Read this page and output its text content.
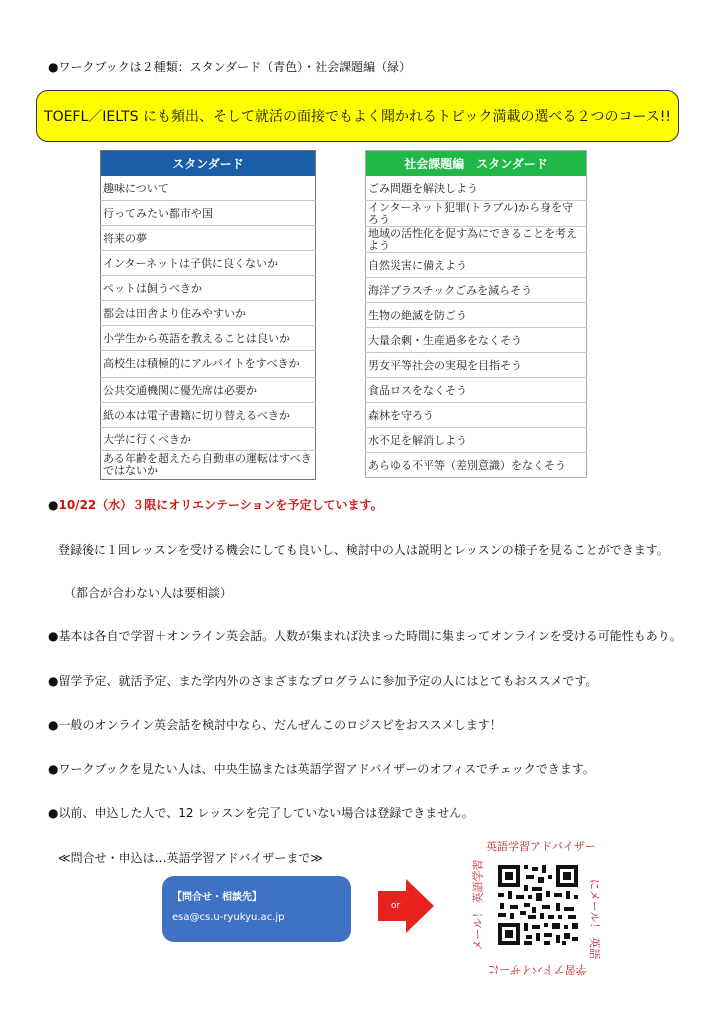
●ワークブックは２種類：スタンダード（青色）・社会課題編（緑）
TOEFL／IELTS にも頻出、そして就活の面接でもよく聞かれるトピック満載の選べる２つのコース!!
スタンダード
趣味について
行ってみたい都市や国
将来の夢
インターネットは子供に良くないか
ペットは飼うべきか
都会は田舎より住みやすいか
小学生から英語を教えることは良いか
高校生は積極的にアルバイトをすべきか
公共交通機関に優先席は必要か
紙の本は電子書籍に切り替えるべきか
大学に行くべきか
ある年齢を超えたら自動車の運転はすべきではないか
社会課題編　スタンダード
ごみ問題を解決しよう
インターネット犯罪(トラブル)から身を守ろう
地域の活性化を促す為にできることを考えよう
自然災害に備えよう
海洋プラスチックごみを減らそう
生物の絶滅を防ごう
大量余剰・生産過多をなくそう
男女平等社会の実現を目指そう
食品ロスをなくそう
森林を守ろう
水不足を解消しよう
あらゆる不平等（差別意識）をなくそう
●10/22（水）３限にオリエンテーションを予定しています。
登録後に１回レッスンを受ける機会にしても良いし、検討中の人は説明とレッスンの様子を見ることができます。
（都合が合わない人は要相談）
●基本は各自で学習＋オンライン英会話。人数が集まれば決まった時間に集まってオンラインを受ける可能性もあり。
●留学予定、就活予定、また学内外のさまざまなプログラムに参加予定の人にはとてもおススメです。
●一般のオンライン英会話を検討中なら、だんぜんこのロジスピをおススメします！
●ワークブックを見たい人は、中央生協または英語学習アドバイザーのオフィスでチェックできます。
●以前、申込した人で、12 レッスンを完了していない場合は登録できません。
≪問合せ・申込は…英語学習アドバイザーまで≫
【問合せ・相談先】
esa@cs.u-ryukyu.ac.jp
or
英語学習アドバイザー
にメール！ 英語
学習アドバイザーに
メール！ 英語学習
